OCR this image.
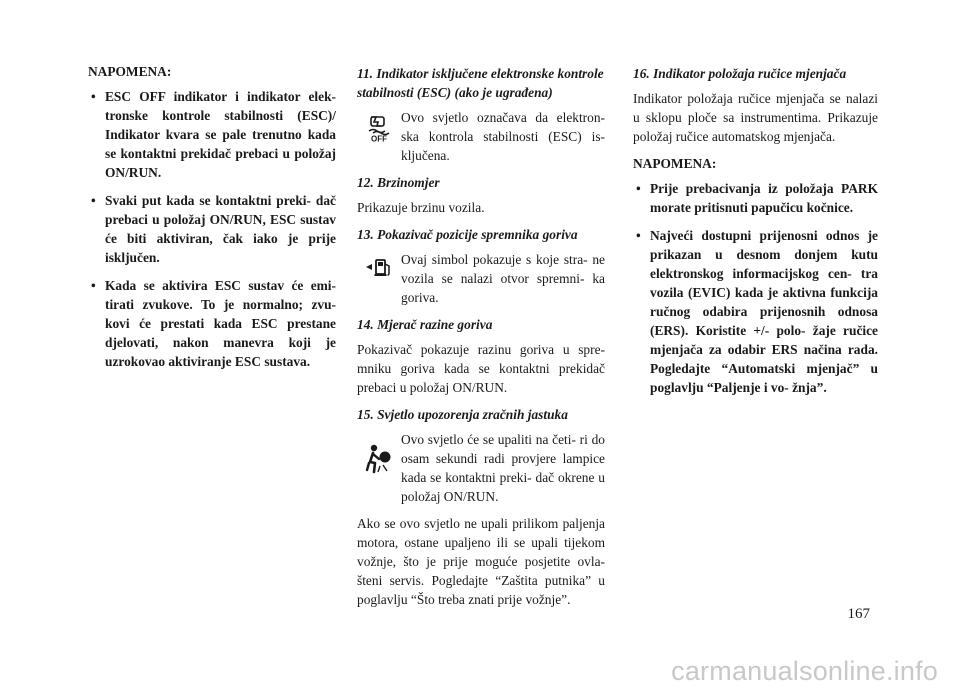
NAPOMENA:
• ESC OFF indikator i indikator elek- tronske kontrole stabilnosti (ESC)/ Indikator kvara se pale trenutno kada se kontaktni prekidač prebaci u položaj ON/RUN.
• Svaki put kada se kontaktni preki- dač prebaci u položaj ON/RUN, ESC sustav će biti aktiviran, čak iako je prije isključen.
• Kada se aktivira ESC sustav će emi- tirati zvukove. To je normalno; zvu- kovi će prestati kada ESC prestane djelovati, nakon manevra koji je uzrokovao aktiviranje ESC sustava.

11. Indikator isključene elektronske kontrole stabilnosti (ESC) (ako je ugrađena)

OFF
Ovo svjetlo označava da elektron- ska kontrola stabilnosti (ESC) is- ključena.

12. Brzinomjer

Prikazuje brzinu vozila.

13. Pokazivač pozicije spremnika goriva

Ovaj simbol pokazuje s koje stra- ne vozila se nalazi otvor spremni- ka goriva.

14. Mjerač razine goriva

Pokazivač pokazuje razinu goriva u spre- mniku goriva kada se kontaktni prekidač prebaci u položaj ON/RUN.

15. Svjetlo upozorenja zračnih jastuka

Ovo svjetlo će se upaliti na četi- ri do osam sekundi radi provjere lampice kada se kontaktni preki- dač okrene u položaj ON/RUN.

Ako se ovo svjetlo ne upali prilikom paljenja motora, ostane upaljeno ili se upali tijekom vožnje, što je prije moguće posjetite ovla- šteni servis. Pogledajte “Zaštita putnika” u poglavlju “Što treba znati prije vožnje”.

16. Indikator položaja ručice mjenjača

Indikator položaja ručice mjenjača se nalazi u sklopu ploče sa instrumentima. Prikazuje položaj ručice automatskog mjenjača.

NAPOMENA:
• Prije prebacivanja iz položaja PARK morate pritisnuti papučicu kočnice.
• Najveći dostupni prijenosni odnos je prikazan u desnom donjem kutu elektronskog informacijskog cen- tra vozila (EVIC) kada je aktivna funkcija ručnog odabira prijenosnih odnosa (ERS). Koristite +/- polo- žaje ručice mjenjača za odabir ERS načina rada. Pogledajte “Automatski mjenjač” u poglavlju “Paljenje i vo- žnja”.
167
carmanualsonline.info
